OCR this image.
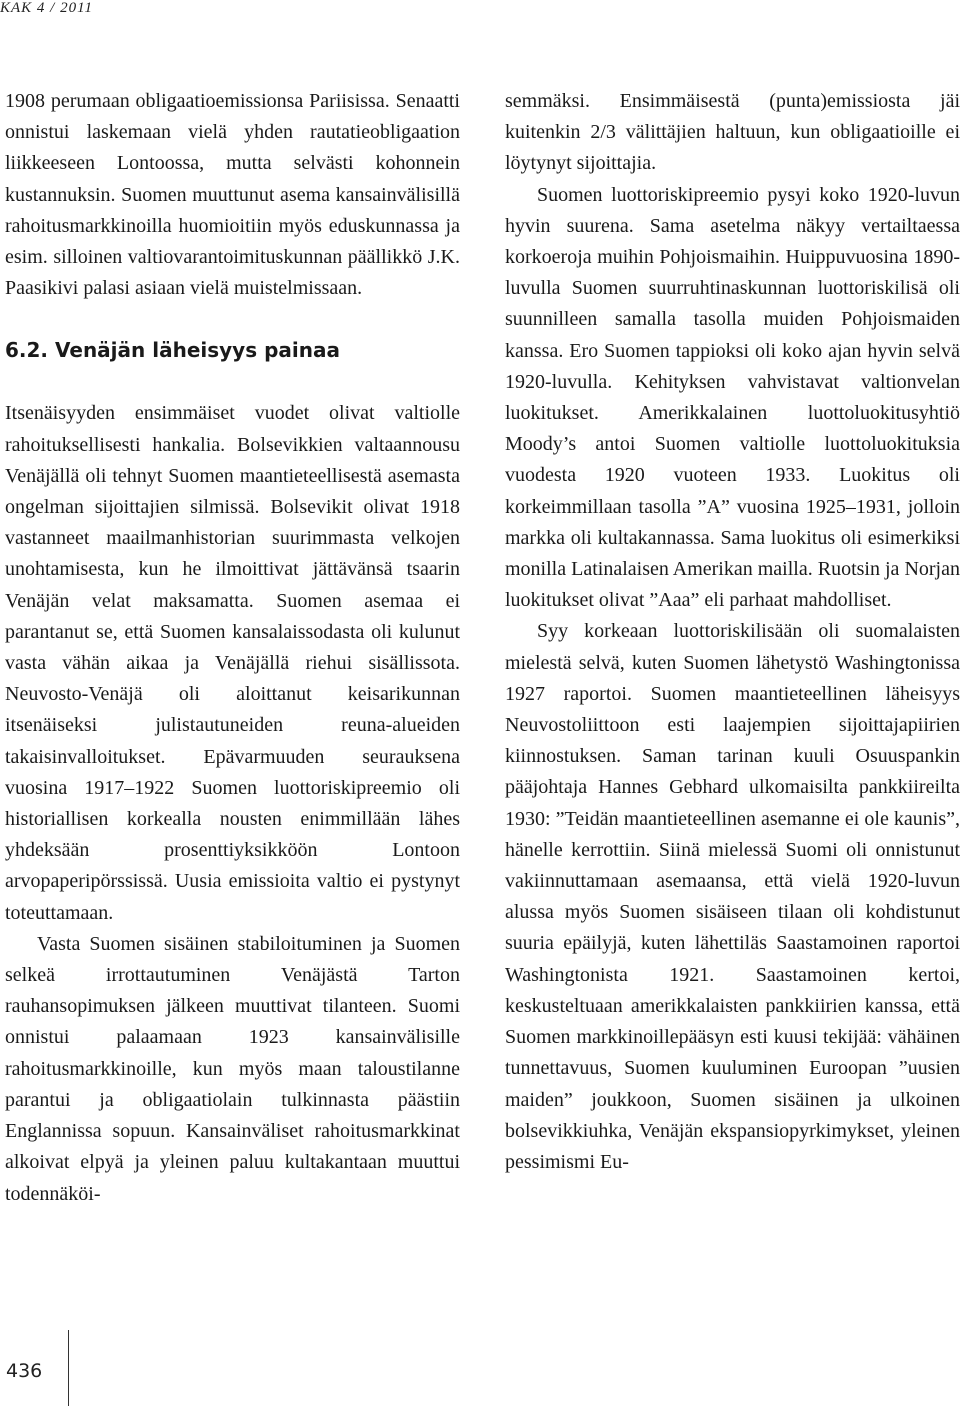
KAK 4 / 2011

1908 perumaan obligaatioemissionsa Pariisissa. Senaatti onnistui laskemaan vielä yhden rautatieobligaation liikkeeseen Lontoossa, mutta selvästi kohonnein kustannuksin. Suomen muuttunut asema kansainvälisillä rahoitusmarkkinoilla huomioitiin myös eduskunnassa ja esim. silloinen valtiovarantoimituskunnan päällikkö J.K. Paasikivi palasi asiaan vielä muistelmissaan.

6.2. Venäjän läheisyys painaa

Itsenäisyyden ensimmäiset vuodet olivat valtiolle rahoituksellisesti hankalia. Bolsevikkien valtaannousu Venäjällä oli tehnyt Suomen maantieteellisestä asemasta ongelman sijoittajien silmissä. Bolsevikit olivat 1918 vastanneet maailmanhistorian suurimmasta velkojen unohtamisesta, kun he ilmoittivat jättävänsä tsaarin Venäjän velat maksamatta. Suomen asemaa ei parantanut se, että Suomen kansalaissodasta oli kulunut vasta vähän aikaa ja Venäjällä riehui sisällissota. Neuvosto-Venäjä oli aloittanut keisarikunnan itsenäiseksi julistautuneiden reuna-alueiden takaisinvalloitukset. Epävarmuuden seurauksena vuosina 1917–1922 Suomen luottoriskipreemio oli historiallisen korkealla nousten enimmillään lähes yhdeksään prosenttiyksikköön Lontoon arvopaperipörssissä. Uusia emissioita valtio ei pystynyt toteuttamaan.

Vasta Suomen sisäinen stabiloituminen ja Suomen selkeä irrottautuminen Venäjästä Tarton rauhansopimuksen jälkeen muuttivat tilanteen. Suomi onnistui palaamaan 1923 kansainvälisille rahoitusmarkkinoille, kun myös maan taloustilanne parantui ja obligaatiolain tulkinnasta päästiin Englannissa sopuun. Kansainväliset rahoitusmarkkinat alkoivat elpyä ja yleinen paluu kultakantaan muuttui todennäköi-

semmäksi. Ensimmäisestä (punta)emissiosta jäi kuitenkin 2/3 välittäjien haltuun, kun obligaatioille ei löytynyt sijoittajia.

Suomen luottoriskipreemio pysyi koko 1920-luvun hyvin suurena. Sama asetelma näkyy vertailtaessa korkoeroja muihin Pohjoismaihin. Huippuvuosina 1890-luvulla Suomen suurruhtinaskunnan luottoriskilisä oli suunnilleen samalla tasolla muiden Pohjoismaiden kanssa. Ero Suomen tappioksi oli koko ajan hyvin selvä 1920-luvulla. Kehityksen vahvistavat valtionvelan luokitukset. Amerikkalainen luottoluokitusyhtiö Moody’s antoi Suomen valtiolle luottoluokituksia vuodesta 1920 vuoteen 1933. Luokitus oli korkeimmillaan tasolla ”A” vuosina 1925–1931, jolloin markka oli kultakannassa. Sama luokitus oli esimerkiksi monilla Latinalaisen Amerikan mailla. Ruotsin ja Norjan luokitukset olivat ”Aaa” eli parhaat mahdolliset.

Syy korkeaan luottoriskilisään oli suomalaisten mielestä selvä, kuten Suomen lähetystö Washingtonissa 1927 raportoi. Suomen maantieteellinen läheisyys Neuvostoliittoon esti laajempien sijoittajapiirien kiinnostuksen. Saman tarinan kuuli Osuuspankin pääjohtaja Hannes Gebhard ulkomaisilta pankkiireilta 1930: ”Teidän maantieteellinen asemanne ei ole kaunis”, hänelle kerrottiin. Siinä mielessä Suomi oli onnistunut vakiinnuttamaan asemaansa, että vielä 1920-luvun alussa myös Suomen sisäiseen tilaan oli kohdistunut suuria epäilyjä, kuten lähettiläs Saastamoinen raportoi Washingtonista 1921. Saastamoinen kertoi, keskusteltuaan amerikkalaisten pankkiirien kanssa, että Suomen markkinoillepääsyn esti kuusi tekijää: vähäinen tunnettavuus, Suomen kuuluminen Euroopan ”uusien maiden” joukkoon, Suomen sisäinen ja ulkoinen bolsevikkiuhka, Venäjän ekspansiopyrkimykset, yleinen pessimismi Eu-

436
